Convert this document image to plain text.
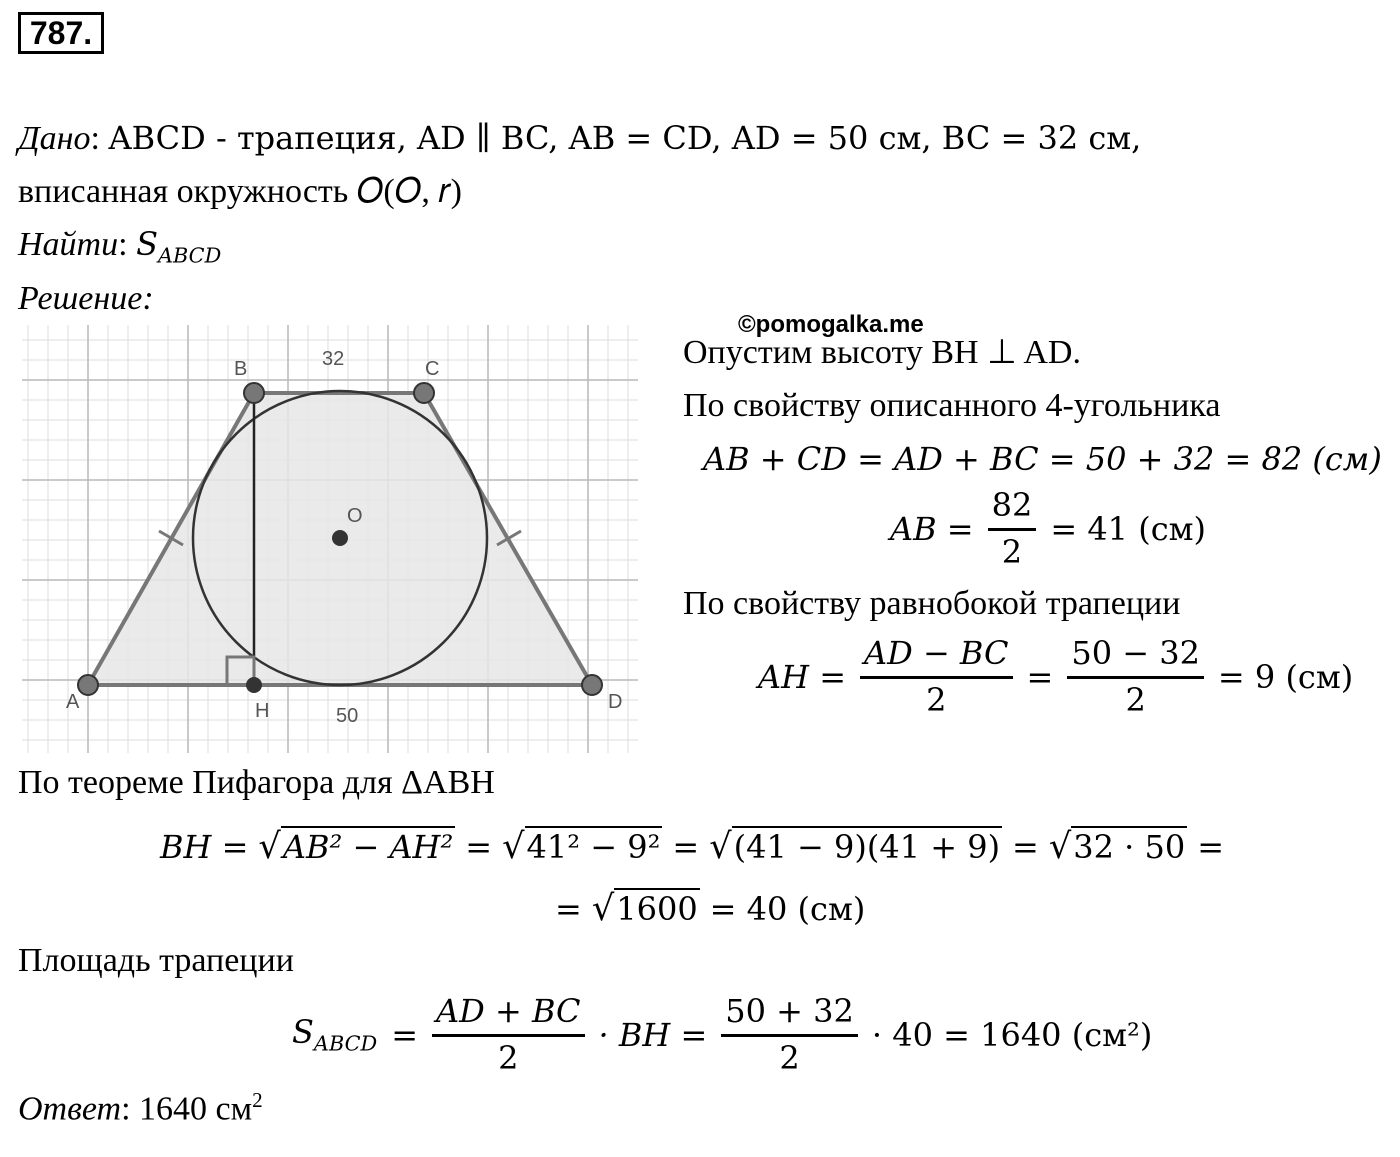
787.
Дано: ABCD - трапеция, AD ∥ BC, AB = CD, AD = 50 см, BC = 32 см,
вписанная окружность 𝑂(𝑂, 𝑟)
Найти: $S_{ABCD}$
Решение:
A
B	C
D
H
O
32
50
©pomogalka.me
Опустим высоту BH ⊥ AD.
По свойству описанного 4-угольника
AB + CD = AD + BC = 50 + 32 = 82 (см)
AB = $\frac{82}{2} = 41$ (см)
По свойству равнобокой трапеции
AH = $\frac{AD - BC}{2} = \frac{50 - 32}{2} = 9$ (см)
По теореме Пифагора для ΔABH
BH = √AB² − AH² = √41² − 9² = √(41 − 9)(41 + 9) = √32 · 50 =
= √1600 = 40 (см)
Площадь трапеции
$S_{ABCD} = \frac{AD + BC}{2}$ · BH = $\frac{50 + 32}{2} \cdot 40 = 1640$ (см²)
Ответ: 1640 $см^2$
